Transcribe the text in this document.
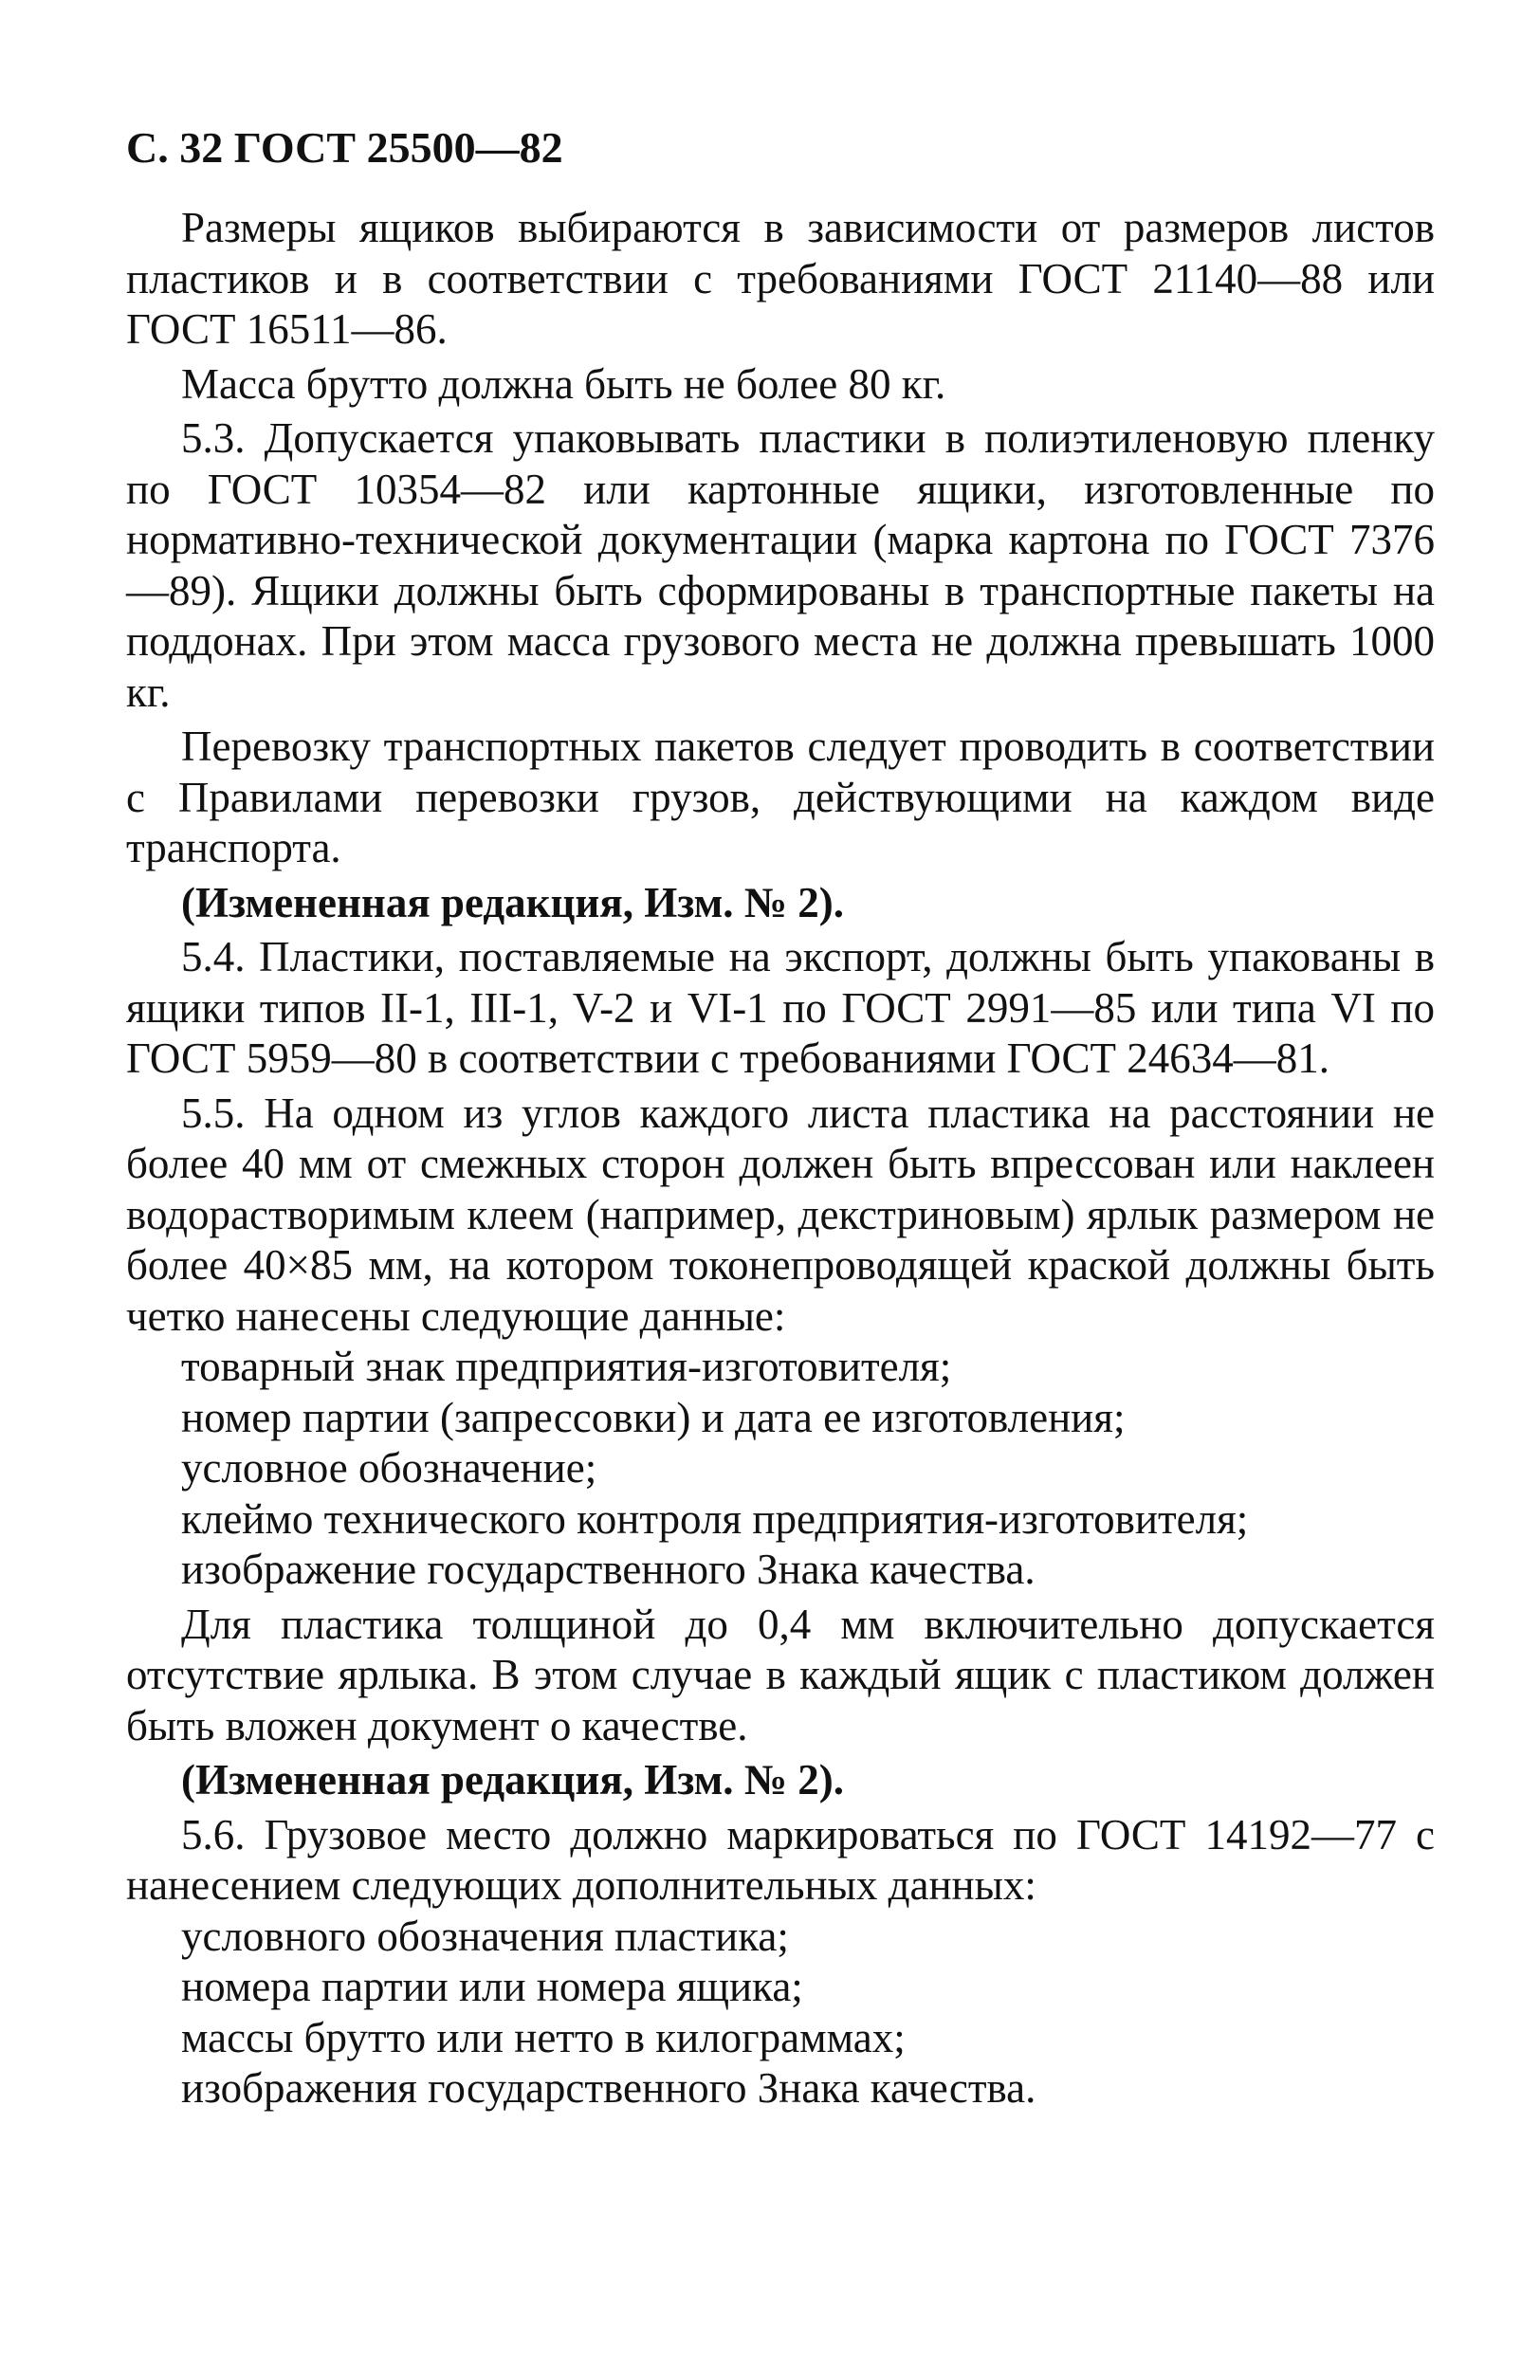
С. 32 ГОСТ 25500—82

Размеры ящиков выбираются в зависимости от размеров листов пластиков и в соответствии с требованиями ГОСТ 21140—88 или ГОСТ 16511—86.

Масса брутто должна быть не более 80 кг.

5.3. Допускается упаковывать пластики в полиэтиленовую пленку по ГОСТ 10354—82 или картонные ящики, изготовленные по нормативно-технической документации (марка картона по ГОСТ 7376—89). Ящики должны быть сформированы в транспортные пакеты на поддонах. При этом масса грузового места не должна превышать 1000 кг.

Перевозку транспортных пакетов следует проводить в соответствии с Правилами перевозки грузов, действующими на каждом виде транспорта.

(Измененная редакция, Изм. № 2).

5.4. Пластики, поставляемые на экспорт, должны быть упакованы в ящики типов II-1, III-1, V-2 и VI-1 по ГОСТ 2991—85 или типа VI по ГОСТ 5959—80 в соответствии с требованиями ГОСТ 24634—81.

5.5. На одном из углов каждого листа пластика на расстоянии не более 40 мм от смежных сторон должен быть впрессован или наклеен водорастворимым клеем (например, декстриновым) ярлык размером не более 40×85 мм, на котором токонепроводящей краской должны быть четко нанесены следующие данные:

товарный знак предприятия-изготовителя;

номер партии (запрессовки) и дата ее изготовления;

условное обозначение;

клеймо технического контроля предприятия-изготовителя;

изображение государственного Знака качества.

Для пластика толщиной до 0,4 мм включительно допускается отсутствие ярлыка. В этом случае в каждый ящик с пластиком должен быть вложен документ о качестве.

(Измененная редакция, Изм. № 2).

5.6. Грузовое место должно маркироваться по ГОСТ 14192—77 с нанесением следующих дополнительных данных:

условного обозначения пластика;

номера партии или номера ящика;

массы брутто или нетто в килограммах;

изображения государственного Знака качества.
